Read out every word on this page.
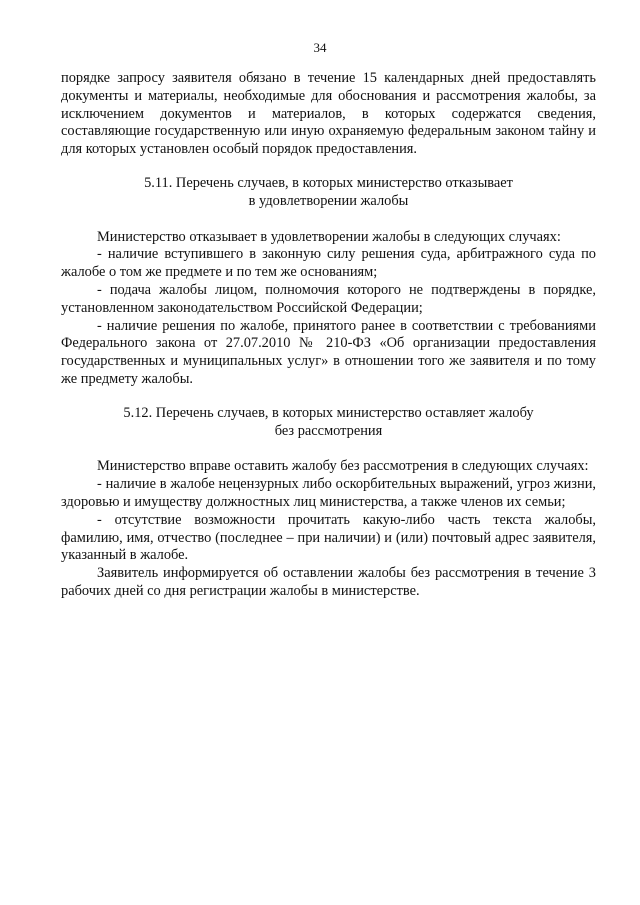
34

порядке запросу заявителя обязано в течение 15 календарных дней предоставлять документы и материалы, необходимые для обоснования и рассмотрения жалобы, за исключением документов и материалов, в которых содержатся сведения, составляющие государственную или иную охраняемую федеральным законом тайну и для которых установлен особый порядок предоставления.

5.11. Перечень случаев, в которых министерство отказывает

в удовлетворении жалобы

Министерство отказывает в удовлетворении жалобы в следующих случаях:

- наличие вступившего в законную силу решения суда, арбитражного суда по жалобе о том же предмете и по тем же основаниям;

- подача жалобы лицом, полномочия которого не подтверждены в порядке, установленном законодательством Российской Федерации;

- наличие решения по жалобе, принятого ранее в соответствии с требованиями Федерального закона от 27.07.2010 № 210-ФЗ «Об организации предоставления государственных и муниципальных услуг» в отношении того же заявителя и по тому же предмету жалобы.

5.12. Перечень случаев, в которых министерство оставляет жалобу

без рассмотрения

Министерство вправе оставить жалобу без рассмотрения в следующих случаях:

- наличие в жалобе нецензурных либо оскорбительных выражений, угроз жизни, здоровью и имуществу должностных лиц министерства, а также членов их семьи;

- отсутствие возможности прочитать какую-либо часть текста жалобы, фамилию, имя, отчество (последнее – при наличии) и (или) почтовый адрес заявителя, указанный в жалобе.

Заявитель информируется об оставлении жалобы без рассмотрения в течение 3 рабочих дней со дня регистрации жалобы в министерстве.
